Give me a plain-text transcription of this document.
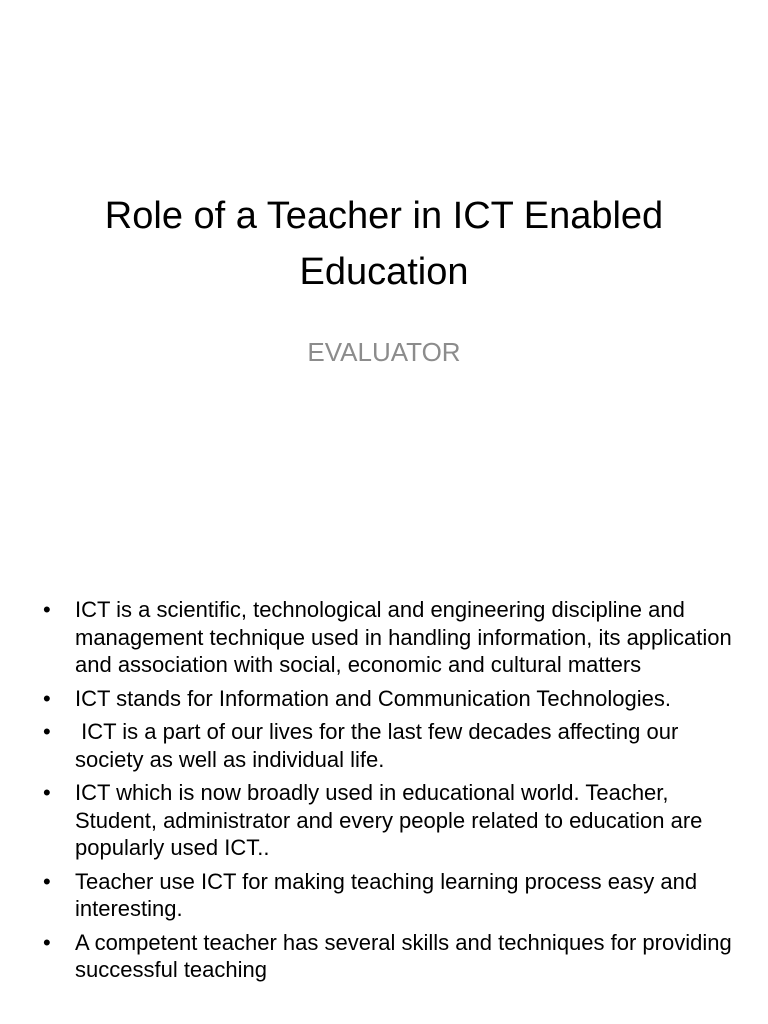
Role of a Teacher in ICT Enabled Education

EVALUATOR

• ICT is a scientific, technological and engineering discipline and management technique used in handling information, its application and association with social, economic and cultural matters
• ICT stands for Information and Communication Technologies.
• ICT is a part of our lives for the last few decades affecting our society as well as individual life.
• ICT which is now broadly used in educational world. Teacher, Student, administrator and every people related to education are popularly used ICT..
• Teacher use ICT for making teaching learning process easy and interesting.
• A competent teacher has several skills and techniques for providing successful teaching
